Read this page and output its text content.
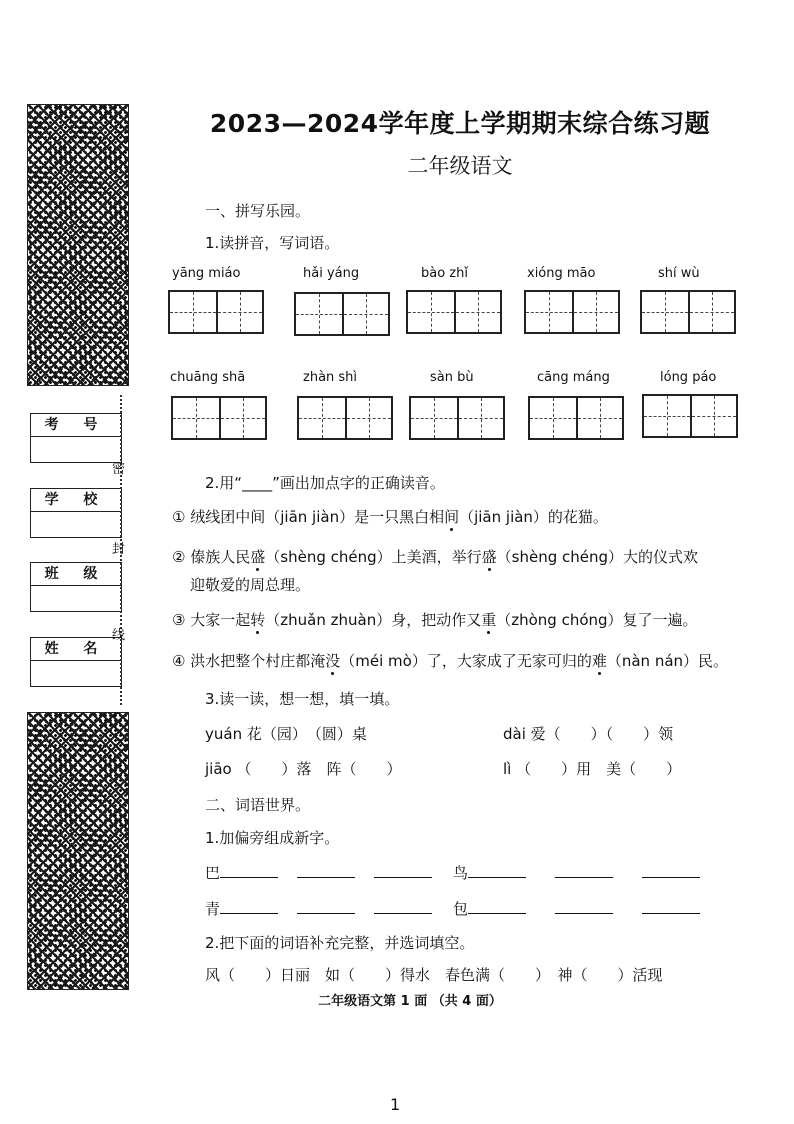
考 号
学 校
班 级
姓 名
密
封
线
2023—2024学年度上学期期末综合练习题
二年级语文
一、拼写乐园。
1.读拼音，写词语。
yāng miáo	hǎi yáng	bào zhǐ	xióng māo	shí wù
chuāng shā	zhàn shì	sàn bù	cāng máng	lóng páo
2.用“____”画出加点字的正确读音。
① 绒线团中间（jiān jiàn）是一只黑白相间（jiān jiàn）的花猫。
② 傣族人民盛（shèng chéng）上美酒，举行盛（shèng chéng）大的仪式欢
迎敬爱的周总理。
③ 大家一起转（zhuǎn zhuàn）身，把动作又重（zhòng chóng）复了一遍。
④ 洪水把整个村庄都淹没（méi mò）了，大家成了无家可归的难（nàn nán）民。
3.读一读，想一想，填一填。
yuán 花（园）　（圆）桌	dài 爱（　　）（　　）领
jiāo （　　）落　阵（　　）	lì （　　）用　美（　　）
二、词语世界。
1.加偏旁组成新字。
巴	鸟
青	包
2.把下面的词语补充完整，并选词填空。
风（　　）日丽　如（　　）得水　春色满（　　）　神（　　）活现
二年级语文第 1 面 （共 4 面）
1
